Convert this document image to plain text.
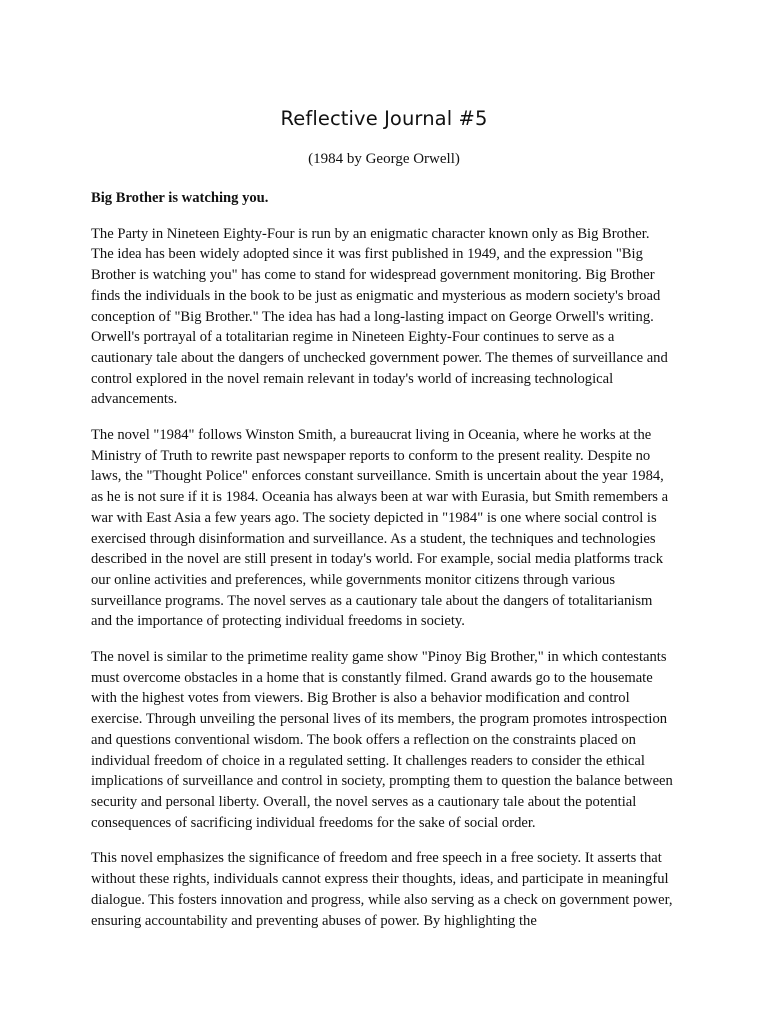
Reflective Journal #5
(1984 by George Orwell)

Big Brother is watching you.

The Party in Nineteen Eighty-Four is run by an enigmatic character known only as Big Brother. The idea has been widely adopted since it was first published in 1949, and the expression "Big Brother is watching you" has come to stand for widespread government monitoring. Big Brother finds the individuals in the book to be just as enigmatic and mysterious as modern society's broad conception of "Big Brother." The idea has had a long-lasting impact on George Orwell's writing. Orwell's portrayal of a totalitarian regime in Nineteen Eighty-Four continues to serve as a cautionary tale about the dangers of unchecked government power. The themes of surveillance and control explored in the novel remain relevant in today's world of increasing technological advancements.

The novel "1984" follows Winston Smith, a bureaucrat living in Oceania, where he works at the Ministry of Truth to rewrite past newspaper reports to conform to the present reality. Despite no laws, the "Thought Police" enforces constant surveillance. Smith is uncertain about the year 1984, as he is not sure if it is 1984. Oceania has always been at war with Eurasia, but Smith remembers a war with East Asia a few years ago. The society depicted in "1984" is one where social control is exercised through disinformation and surveillance. As a student, the techniques and technologies described in the novel are still present in today's world. For example, social media platforms track our online activities and preferences, while governments monitor citizens through various surveillance programs. The novel serves as a cautionary tale about the dangers of totalitarianism and the importance of protecting individual freedoms in society.

The novel is similar to the primetime reality game show "Pinoy Big Brother," in which contestants must overcome obstacles in a home that is constantly filmed. Grand awards go to the housemate with the highest votes from viewers. Big Brother is also a behavior modification and control exercise. Through unveiling the personal lives of its members, the program promotes introspection and questions conventional wisdom. The book offers a reflection on the constraints placed on individual freedom of choice in a regulated setting. It challenges readers to consider the ethical implications of surveillance and control in society, prompting them to question the balance between security and personal liberty. Overall, the novel serves as a cautionary tale about the potential consequences of sacrificing individual freedoms for the sake of social order.

This novel emphasizes the significance of freedom and free speech in a free society. It asserts that without these rights, individuals cannot express their thoughts, ideas, and participate in meaningful dialogue. This fosters innovation and progress, while also serving as a check on government power, ensuring accountability and preventing abuses of power. By highlighting the
